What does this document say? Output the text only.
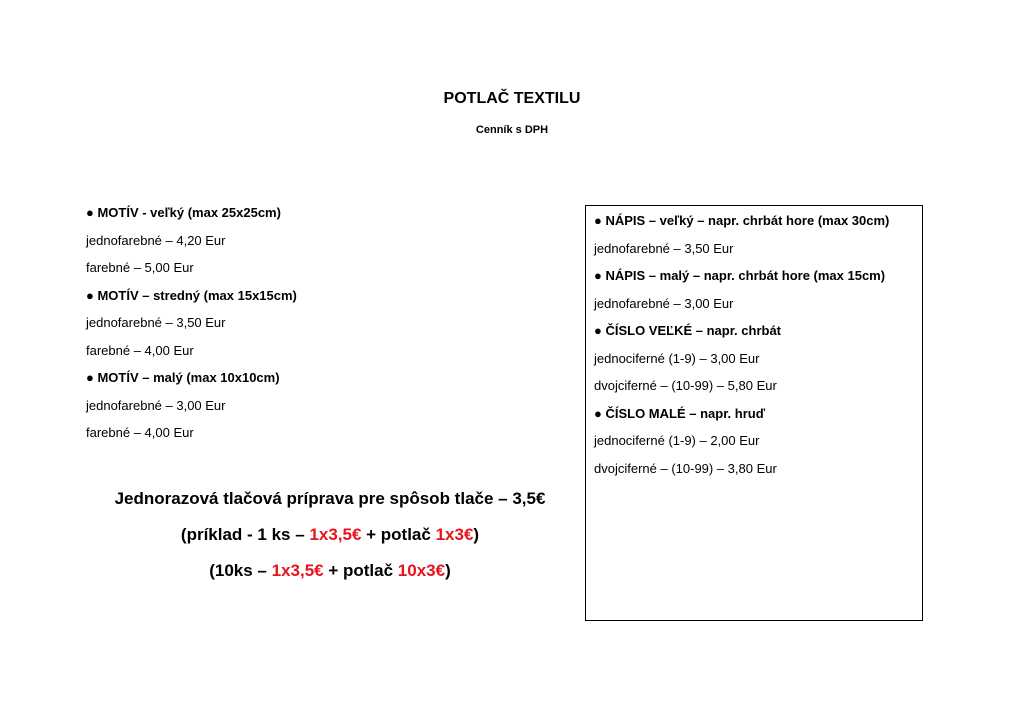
POTLAČ TEXTILU
Cenník s DPH
● MOTÍV - veľký (max 25x25cm)
jednofarebné – 4,20 Eur
farebné – 5,00 Eur
● MOTÍV – stredný (max 15x15cm)
jednofarebné – 3,50 Eur
farebné – 4,00 Eur
● MOTÍV – malý (max 10x10cm)
jednofarebné – 3,00 Eur
farebné – 4,00 Eur
● NÁPIS – veľký – napr. chrbát hore (max 30cm)
jednofarebné – 3,50 Eur
● NÁPIS – malý – napr. chrbát hore (max 15cm)
jednofarebné – 3,00 Eur
● ČÍSLO VEĽKÉ – napr. chrbát
jednociferné (1-9) – 3,00 Eur
dvojciferné – (10-99) – 5,80 Eur
● ČÍSLO MALÉ – napr. hruď
jednociferné (1-9) – 2,00 Eur
dvojciferné – (10-99) – 3,80 Eur
Jednorazová tlačová príprava pre spôsob tlače – 3,5€
(príklad - 1 ks – 1x3,5€ + potlač 1x3€)
(10ks – 1x3,5€ + potlač 10x3€)
